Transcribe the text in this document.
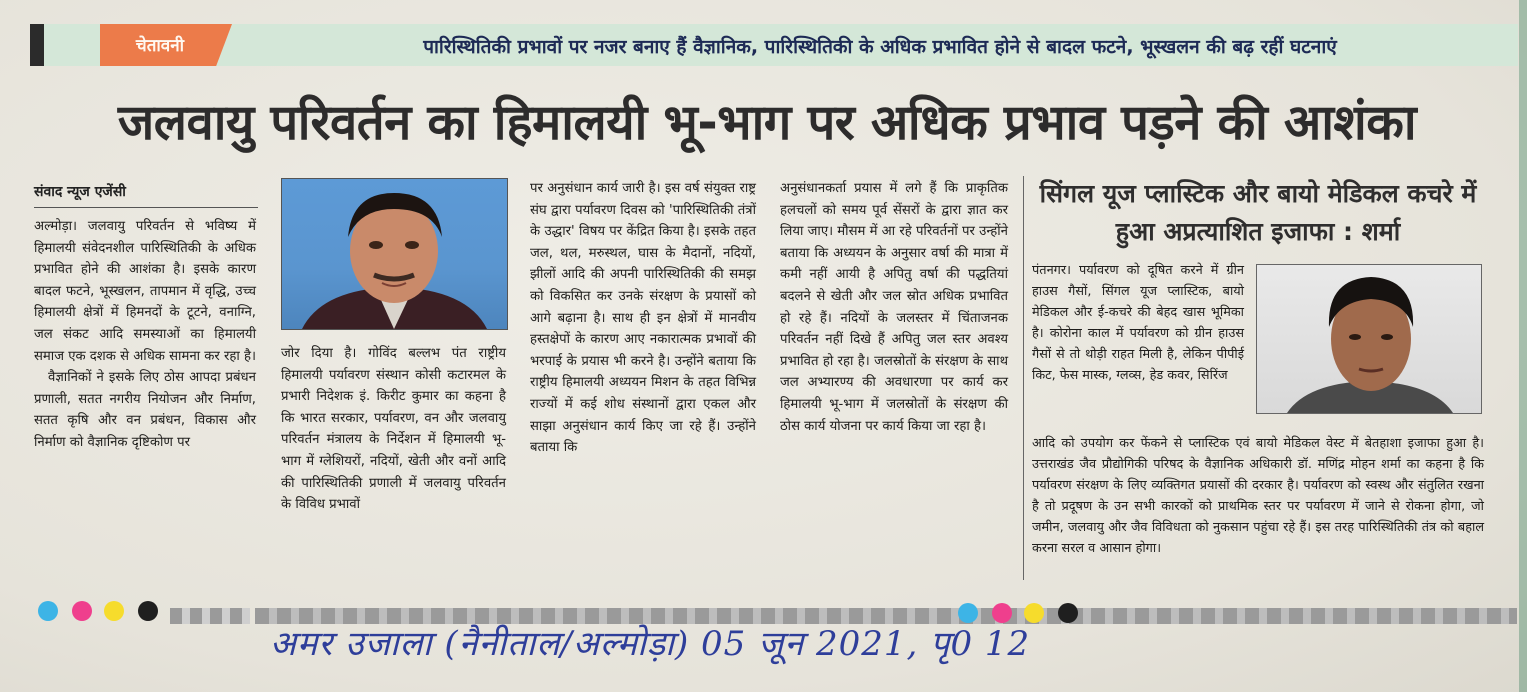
चेतावनी	पारिस्थितिकी प्रभावों पर नजर बनाए हैं वैज्ञानिक, पारिस्थितिकी के अधिक प्रभावित होने से बादल फटने, भूस्खलन की बढ़ रहीं घटनाएं
जलवायु परिवर्तन का हिमालयी भू-भाग पर अधिक प्रभाव पड़ने की आशंका
संवाद न्यूज एजेंसी

अल्मोड़ा। जलवायु परिवर्तन से भविष्य में हिमालयी संवेदनशील पारिस्थितिकी के अधिक प्रभावित होने की आशंका है। इसके कारण बादल फटने, भूस्खलन, तापमान में वृद्धि, उच्च हिमालयी क्षेत्रों में हिमनदों के टूटने, वनाग्नि, जल संकट आदि समस्याओं का हिमालयी समाज एक दशक से अधिक सामना कर रहा है।

वैज्ञानिकों ने इसके लिए ठोस आपदा प्रबंधन प्रणाली, सतत नगरीय नियोजन और निर्माण, सतत कृषि और वन प्रबंधन, विकास और निर्माण को वैज्ञानिक दृष्टिकोण पर

जोर दिया है। गोविंद बल्लभ पंत राष्ट्रीय हिमालयी पर्यावरण संस्थान कोसी कटारमल के प्रभारी निदेशक इं. किरीट कुमार का कहना है कि भारत सरकार, पर्यावरण, वन और जलवायु परिवर्तन मंत्रालय के निर्देशन में हिमालयी भू-भाग में ग्लेशियरों, नदियों, खेती और वनों आदि की पारिस्थितिकी प्रणाली में जलवायु परिवर्तन के विविध प्रभावों

पर अनुसंधान कार्य जारी है। इस वर्ष संयुक्त राष्ट्र संघ द्वारा पर्यावरण दिवस को 'पारिस्थितिकी तंत्रों के उद्धार' विषय पर केंद्रित किया है। इसके तहत जल, थल, मरुस्थल, घास के मैदानों, नदियों, झीलों आदि की अपनी पारिस्थितिकी की समझ को विकसित कर उनके संरक्षण के प्रयासों को आगे बढ़ाना है। साथ ही इन क्षेत्रों में मानवीय हस्तक्षेपों के कारण आए नकारात्मक प्रभावों की भरपाई के प्रयास भी करने है। उन्होंने बताया कि राष्ट्रीय हिमालयी अध्ययन मिशन के तहत विभिन्न राज्यों में कई शोध संस्थानों द्वारा एकल और साझा अनुसंधान कार्य किए जा रहे हैं। उन्होंने बताया कि

अनुसंधानकर्ता प्रयास में लगे हैं कि प्राकृतिक हलचलों को समय पूर्व सेंसरों के द्वारा ज्ञात कर लिया जाए। मौसम में आ रहे परिवर्तनों पर उन्होंने बताया कि अध्ययन के अनुसार वर्षा की मात्रा में कमी नहीं आयी है अपितु वर्षा की पद्धतियां बदलने से खेती और जल स्रोत अधिक प्रभावित हो रहे हैं। नदियों के जलस्तर में चिंताजनक परिवर्तन नहीं दिखे हैं अपितु जल स्तर अवश्य प्रभावित हो रहा है। जलस्रोतों के संरक्षण के साथ जल अभ्यारण्य की अवधारणा पर कार्य कर हिमालयी भू-भाग में जलस्रोतों के संरक्षण की ठोस कार्य योजना पर कार्य किया जा रहा है।

सिंगल यूज प्लास्टिक और बायो मेडिकल कचरे में हुआ अप्रत्याशित इजाफा : शर्मा

पंतनगर। पर्यावरण को दूषित करने में ग्रीन हाउस गैसों, सिंगल यूज प्लास्टिक, बायो मेडिकल और ई-कचरे की बेहद खास भूमिका है। कोरोना काल में पर्यावरण को ग्रीन हाउस गैसों से तो थोड़ी राहत मिली है, लेकिन पीपीई किट, फेस मास्क, ग्लव्स, हेड कवर, सिरिंज

आदि को उपयोग कर फेंकने से प्लास्टिक एवं बायो मेडिकल वेस्ट में बेतहाशा इजाफा हुआ है। उत्तराखंड जैव प्रौद्योगिकी परिषद के वैज्ञानिक अधिकारी डॉ. मणिंद्र मोहन शर्मा का कहना है कि पर्यावरण संरक्षण के लिए व्यक्तिगत प्रयासों की दरकार है। पर्यावरण को स्वस्थ और संतुलित रखना है तो प्रदूषण के उन सभी कारकों को प्राथमिक स्तर पर पर्यावरण में जाने से रोकना होगा, जो जमीन, जलवायु और जैव विविधता को नुकसान पहुंचा रहे हैं। इस तरह पारिस्थितिकी तंत्र को बहाल करना सरल व आसान होगा।

अमर उजाला (नैनीताल/अल्मोड़ा) 05 जून 2021, पृ0 12
